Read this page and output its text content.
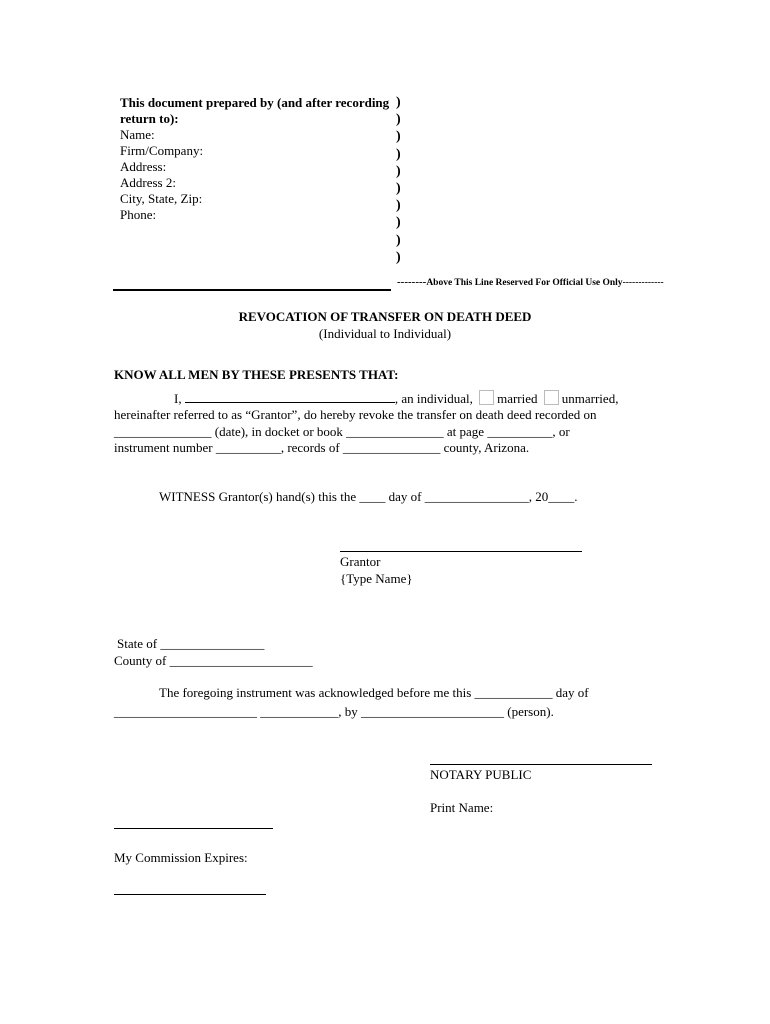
This document prepared by (and after recording
return to):
Name:
Firm/Company:
Address:
Address 2:
City, State, Zip:
Phone:
)
)
)
)
)
)
)
)
)
)
--------Above This Line Reserved For Official Use Only-------------
REVOCATION OF TRANSFER ON DEATH DEED
(Individual to Individual)
KNOW ALL MEN BY THESE PRESENTS THAT:
I,	, an individual, married unmarried,
hereinafter referred to as “Grantor”, do hereby revoke the transfer on death deed recorded on
_______________ (date), in docket or book _______________ at page __________, or
instrument number __________, records of _______________ county, Arizona.
WITNESS Grantor(s) hand(s) this the ____ day of ________________, 20____.
Grantor
{Type Name}
State of ________________
County of ______________________
The foregoing instrument was acknowledged before me this ____________ day of
______________________ ____________, by ______________________ (person).
NOTARY PUBLIC
Print Name:
My Commission Expires:
